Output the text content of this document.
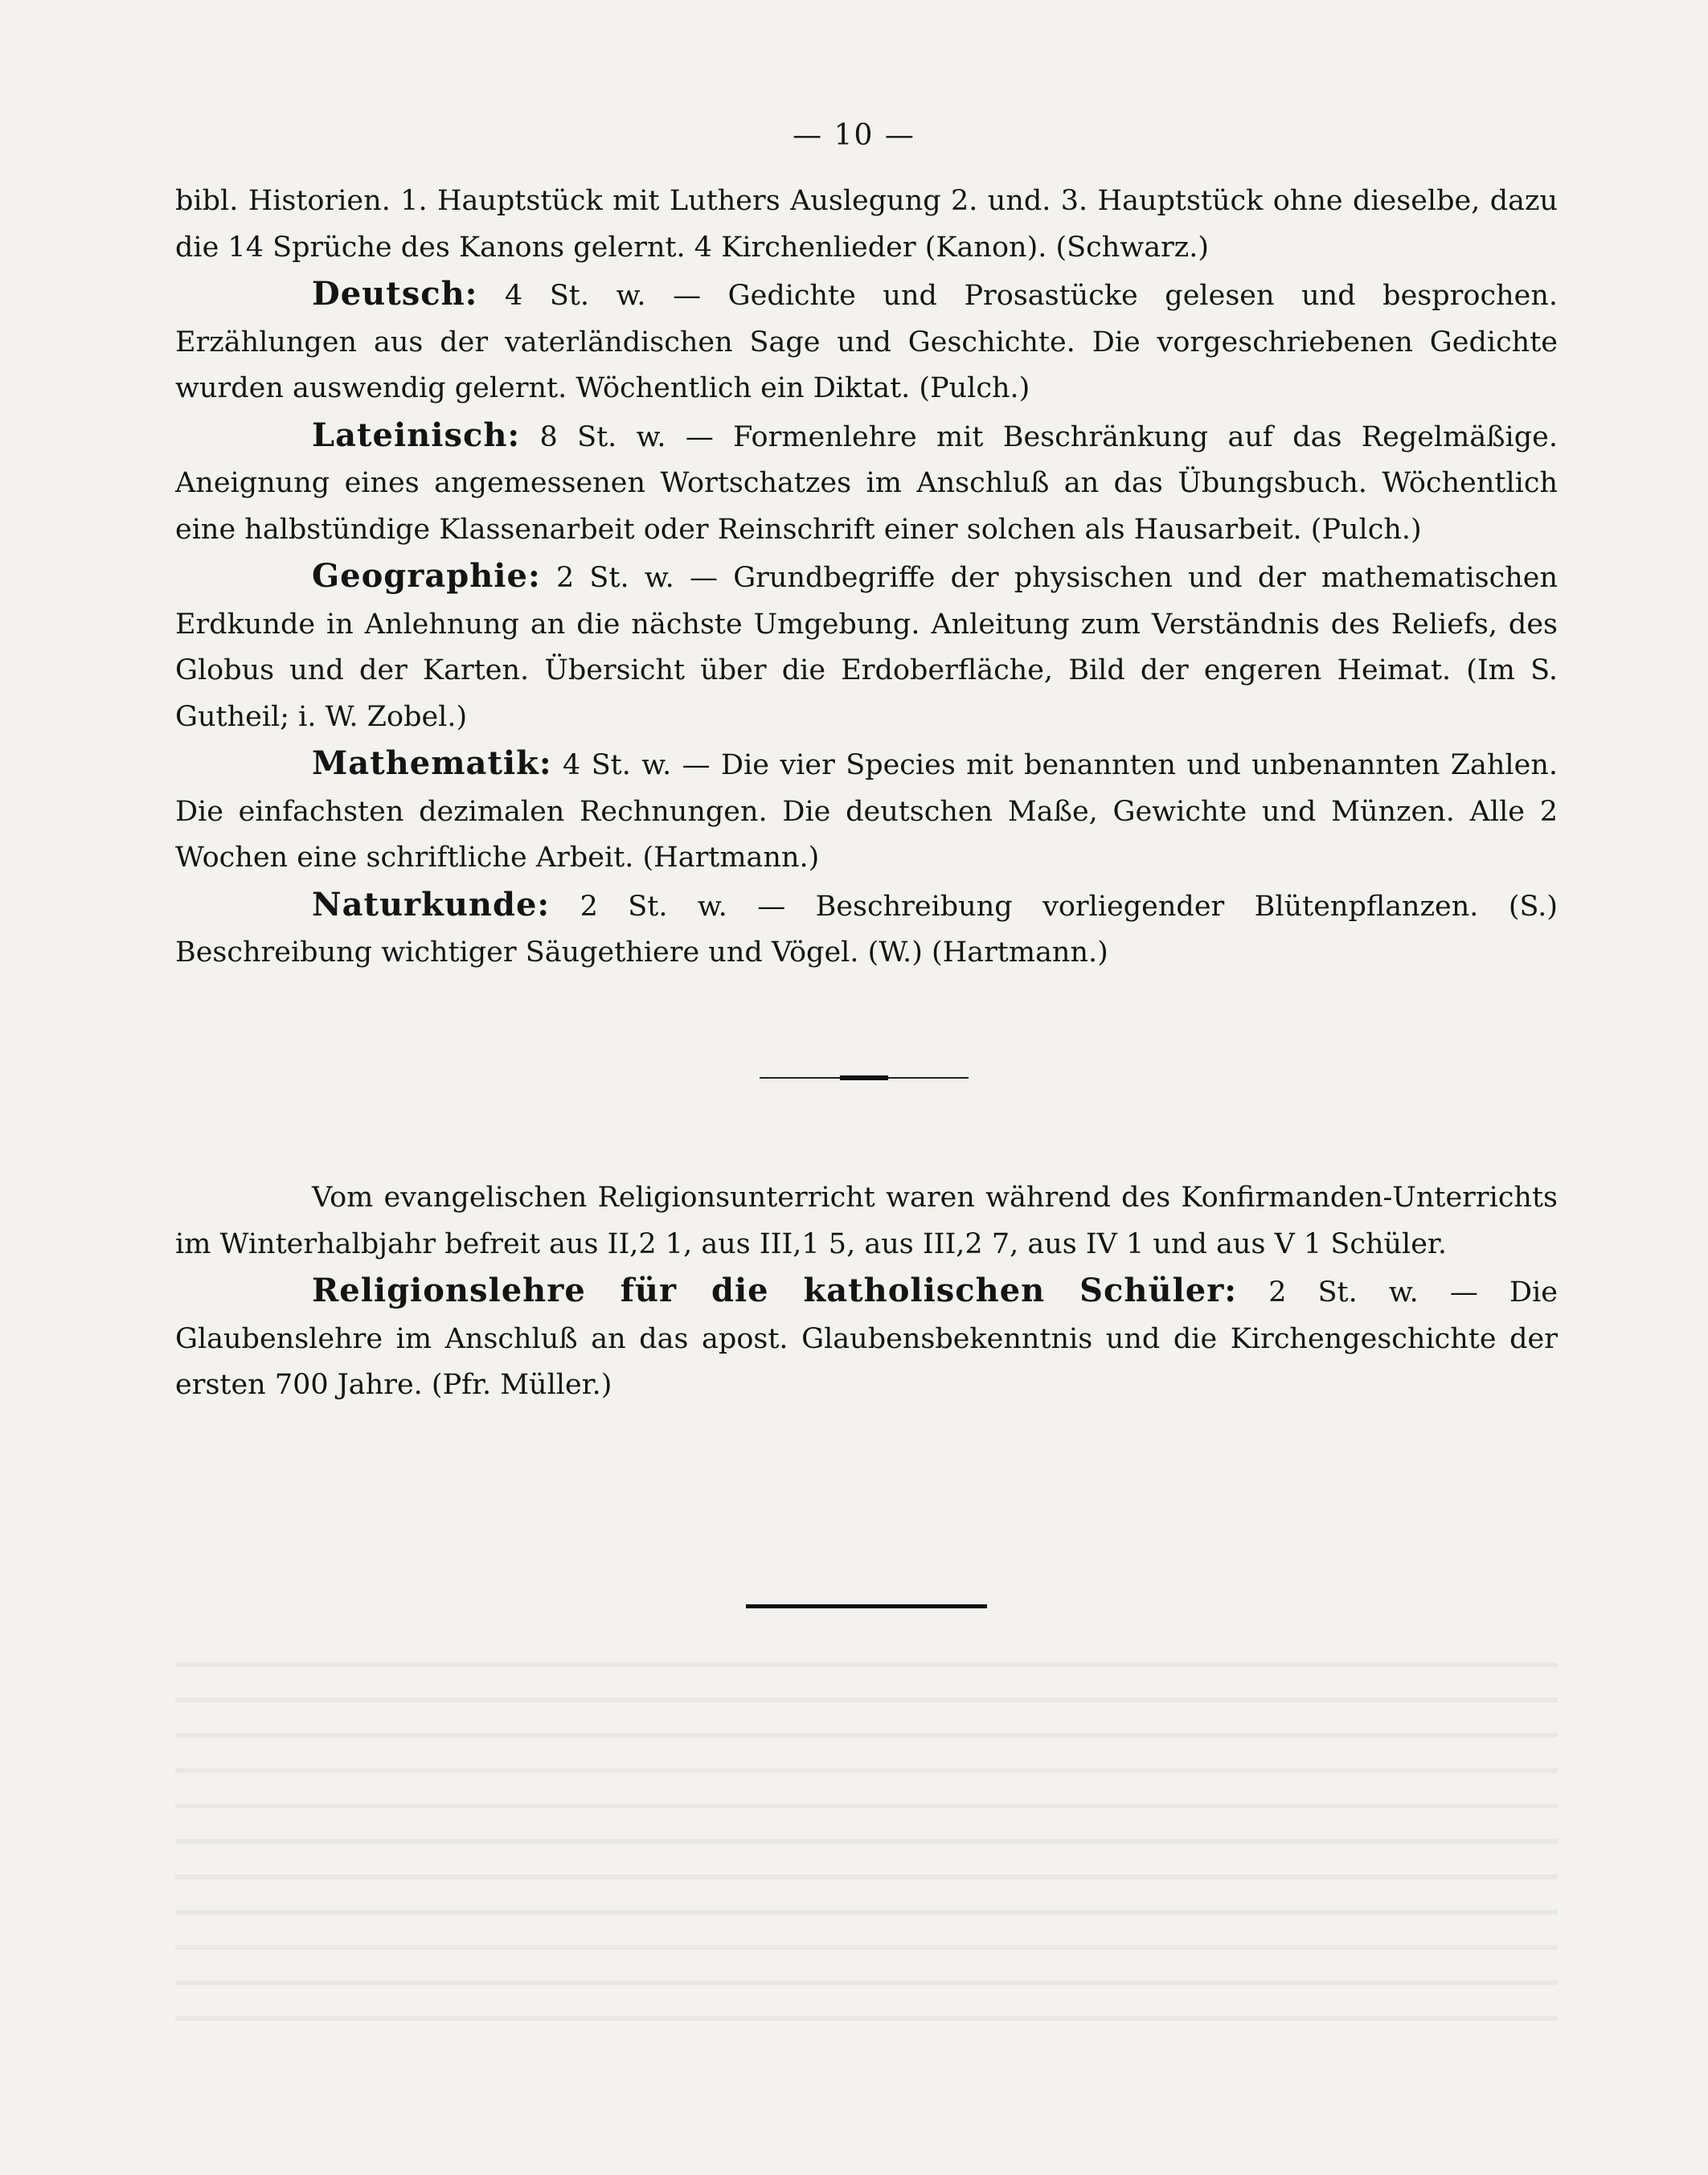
— 10 —

bibl. Historien. 1. Hauptstück mit Luthers Auslegung 2. und. 3. Hauptstück ohne dieselbe, dazu die 14 Sprüche des Kanons gelernt. 4 Kirchenlieder (Kanon). (Schwarz.)

Deutsch: 4 St. w. — Gedichte und Prosastücke gelesen und besprochen. Erzählungen aus der vaterländischen Sage und Geschichte. Die vorgeschriebenen Gedichte wurden auswendig gelernt. Wöchentlich ein Diktat. (Pulch.)

Lateinisch: 8 St. w. — Formenlehre mit Beschränkung auf das Regelmäßige. Aneignung eines angemessenen Wortschatzes im Anschluß an das Übungsbuch. Wöchentlich eine halbstündige Klassenarbeit oder Reinschrift einer solchen als Hausarbeit. (Pulch.)

Geographie: 2 St. w. — Grundbegriffe der physischen und der mathematischen Erdkunde in Anlehnung an die nächste Umgebung. Anleitung zum Verständnis des Reliefs, des Globus und der Karten. Übersicht über die Erdoberfläche, Bild der engeren Heimat. (Im S. Gutheil; i. W. Zobel.)

Mathematik: 4 St. w. — Die vier Species mit benannten und unbenannten Zahlen. Die einfachsten dezimalen Rechnungen. Die deutschen Maße, Gewichte und Münzen. Alle 2 Wochen eine schriftliche Arbeit. (Hartmann.)

Naturkunde: 2 St. w. — Beschreibung vorliegender Blütenpflanzen. (S.) Beschreibung wichtiger Säugethiere und Vögel. (W.) (Hartmann.)

Vom evangelischen Religionsunterricht waren während des Konfirmanden-Unterrichts im Winterhalbjahr befreit aus II,2 1, aus III,1 5, aus III,2 7, aus IV 1 und aus V 1 Schüler.

Religionslehre für die katholischen Schüler: 2 St. w. — Die Glaubenslehre im Anschluß an das apost. Glaubensbekenntnis und die Kirchengeschichte der ersten 700 Jahre. (Pfr. Müller.)
